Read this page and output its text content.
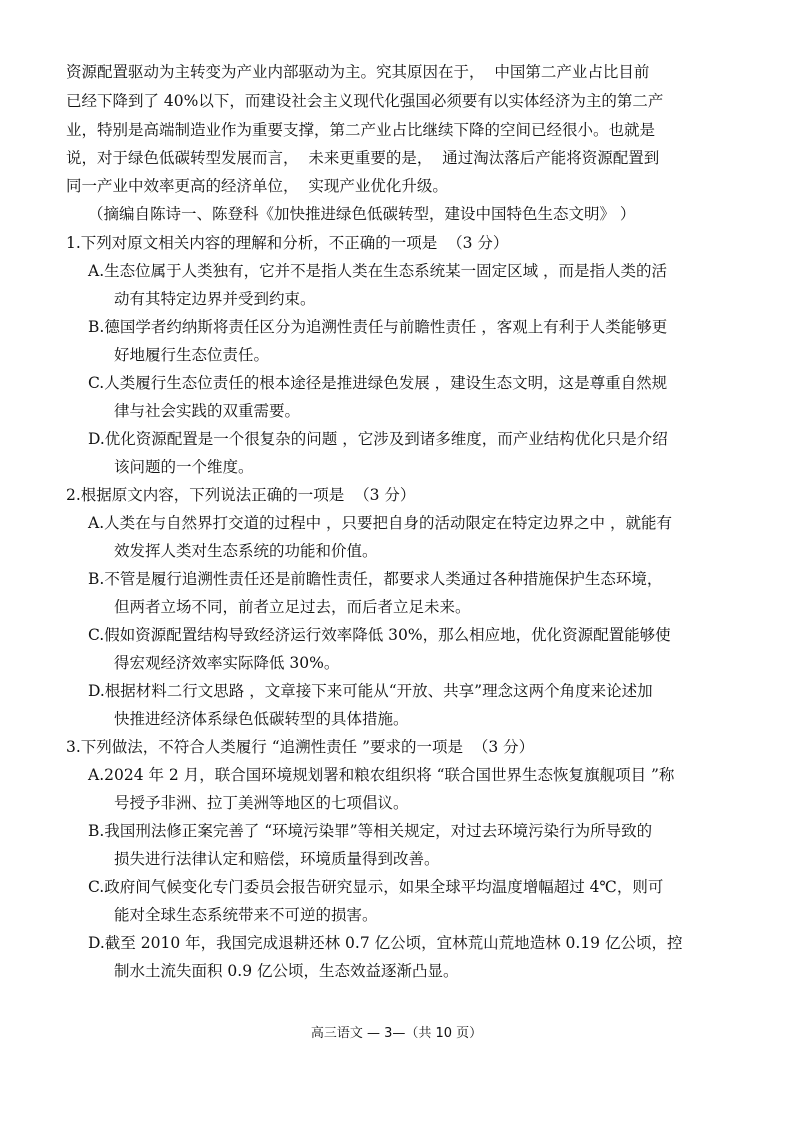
资源配置驱动为主转变为产业内部驱动为主。究其原因在于，  中国第二产业占比目前
已经下降到了 40%以下，而建设社会主义现代化强国必须要有以实体经济为主的第二产
业，特别是高端制造业作为重要支撑，第二产业占比继续下降的空间已经很小。也就是
说，对于绿色低碳转型发展而言，  未来更重要的是，  通过淘汰落后产能将资源配置到
同一产业中效率更高的经济单位，  实现产业优化升级。
（摘编自陈诗一、陈登科《加快推进绿色低碳转型，建设中国特色生态文明》 ）
1.下列对原文相关内容的理解和分析，不正确的一项是  （3 分）
A.生态位属于人类独有，它并不是指人类在生态系统某一固定区域 ，而是指人类的活
动有其特定边界并受到约束。
B.德国学者约纳斯将责任区分为追溯性责任与前瞻性责任 ，客观上有利于人类能够更
好地履行生态位责任。
C.人类履行生态位责任的根本途径是推进绿色发展 ，建设生态文明，这是尊重自然规
律与社会实践的双重需要。
D.优化资源配置是一个很复杂的问题 ，它涉及到诸多维度，而产业结构优化只是介绍
该问题的一个维度。
2.根据原文内容，下列说法正确的一项是  （3 分）
A.人类在与自然界打交道的过程中 ，只要把自身的活动限定在特定边界之中 ，就能有
效发挥人类对生态系统的功能和价值。
B.不管是履行追溯性责任还是前瞻性责任，都要求人类通过各种措施保护生态环境，
但两者立场不同，前者立足过去，而后者立足未来。
C.假如资源配置结构导致经济运行效率降低 30%，那么相应地，优化资源配置能够使
得宏观经济效率实际降低 30%。
D.根据材料二行文思路 ，文章接下来可能从“开放、共享”理念这两个角度来论述加
快推进经济体系绿色低碳转型的具体措施。
3.下列做法，不符合人类履行 “追溯性责任 ”要求的一项是  （3 分）
A.2024 年 2 月，联合国环境规划署和粮农组织将 “联合国世界生态恢复旗舰项目 ”称
号授予非洲、拉丁美洲等地区的七项倡议。
B.我国刑法修正案完善了 “环境污染罪”等相关规定，对过去环境污染行为所导致的
损失进行法律认定和赔偿，环境质量得到改善。
C.政府间气候变化专门委员会报告研究显示，如果全球平均温度增幅超过 4℃，则可
能对全球生态系统带来不可逆的损害。
D.截至 2010 年，我国完成退耕还林 0.7 亿公顷，宜林荒山荒地造林 0.19 亿公顷，控
制水土流失面积 0.9 亿公顷，生态效益逐渐凸显。
高三语文 — 3—（共 10 页）
